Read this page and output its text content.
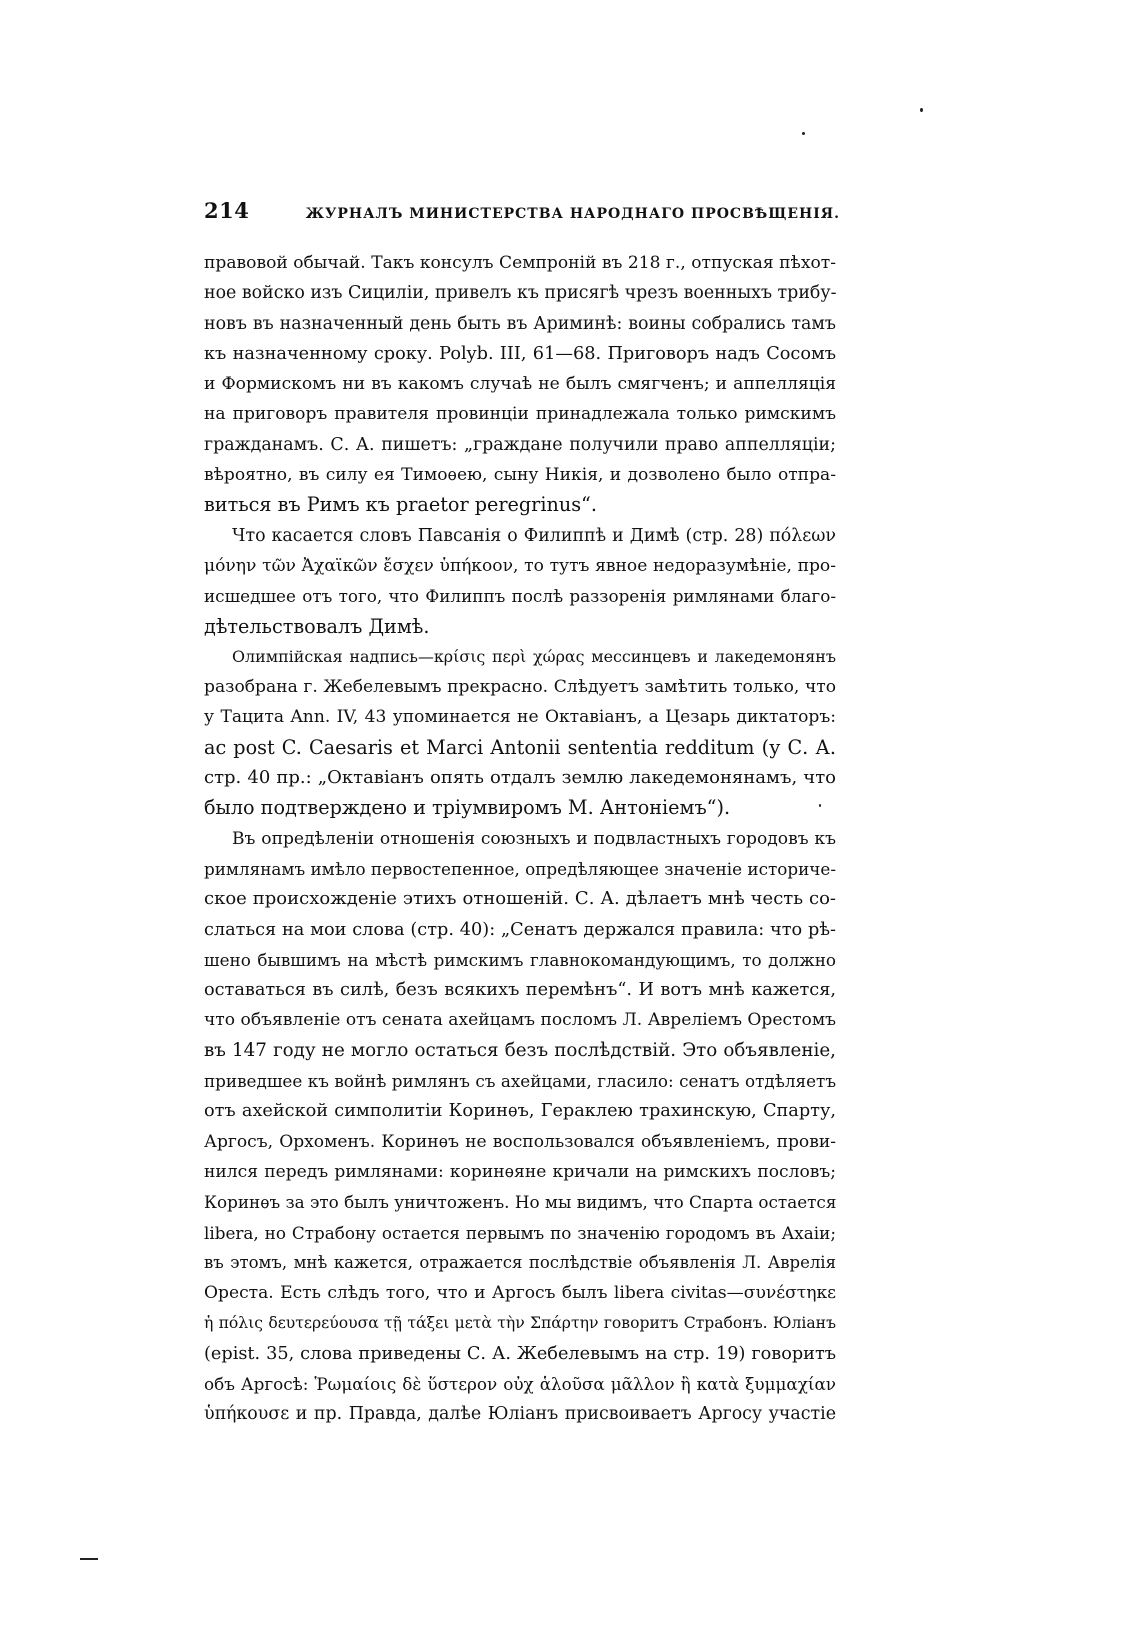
214	ЖУРНАЛЪ МИНИСТЕРСТВА НАРОДНАГО ПРОСВѢЩЕНІЯ.
правовой обычай. Такъ консулъ Семпроній въ 218 г., отпуская пѣхот-
ное войско изъ Сициліи, привелъ къ присягѣ чрезъ военныхъ трибу-
новъ въ назначенный день быть въ Ариминѣ: воины собрались тамъ
къ назначенному сроку. Polyb. III, 61—68. Приговоръ надъ Сосомъ
и Формискомъ ни въ какомъ случаѣ не былъ смягченъ; и аппелляція
на приговоръ правителя провинціи принадлежала только римскимъ
гражданамъ. С. А. пишетъ: „граждане получили право аппелляціи;
вѣроятно, въ силу ея Тимоѳею, сыну Никія, и дозволено было отпра-
виться въ Римъ къ praetor peregrinus“.
Что касается словъ Павсанія о Филиппѣ и Димѣ (стр. 28) πόλεων
μόνην τῶν Ἀχαϊκῶν ἔσχεν ὑπήκοον, то тутъ явное недоразумѣніе, про-
исшедшее отъ того, что Филиппъ послѣ раззоренія римлянами благо-
дѣтельствовалъ Димѣ.
Олимпійская надпись—κρίσις περὶ χώρας мессинцевъ и лакедемонянъ
разобрана г. Жебелевымъ прекрасно. Слѣдуетъ замѣтить только, что
у Тацита Ann. IV, 43 упоминается не Октавіанъ, а Цезарь диктаторъ:
ac post C. Caesaris et Marci Antonii sententia redditum (у С. А.
стр. 40 пр.: „Октавіанъ опять отдалъ землю лакедемонянамъ, что
было подтверждено и тріумвиромъ М. Антоніемъ“).
Въ опредѣленіи отношенія союзныхъ и подвластныхъ городовъ къ
римлянамъ имѣло первостепенное, опредѣляющее значеніе историче-
ское происхожденіе этихъ отношеній. С. А. дѣлаетъ мнѣ честь со-
слаться на мои слова (стр. 40): „Сенатъ держался правила: что рѣ-
шено бывшимъ на мѣстѣ римскимъ главнокомандующимъ, то должно
оставаться въ силѣ, безъ всякихъ перемѣнъ“. И вотъ мнѣ кажется,
что объявленіе отъ сената ахейцамъ посломъ Л. Авреліемъ Орестомъ
въ 147 году не могло остаться безъ послѣдствій. Это объявленіе,
приведшее къ войнѣ римлянъ съ ахейцами, гласило: сенатъ отдѣляетъ
отъ ахейской симполитіи Коринѳъ, Гераклею трахинскую, Спарту,
Аргосъ, Орхоменъ. Коринѳъ не воспользовался объявленіемъ, прови-
нился передъ римлянами: коринѳяне кричали на римскихъ пословъ;
Коринѳъ за это былъ уничтоженъ. Но мы видимъ, что Спарта остается
libera, но Страбону остается первымъ по значенію городомъ въ Ахаіи;
въ этомъ, мнѣ кажется, отражается послѣдствіе объявленія Л. Аврелія
Ореста. Есть слѣдъ того, что и Аргосъ былъ libera civitas—συνέστηκε
ἡ πόλις δευτερεύουσα τῇ τάξει μετὰ τὴν Σπάρτην говоритъ Страбонъ. Юліанъ
(epist. 35, слова приведены С. А. Жебелевымъ на стр. 19) говоритъ
объ Аргосѣ: Ῥωμαίοις δὲ ὕστερον οὐχ ἁλοῦσα μᾶλλον ἢ κατὰ ξυμμαχίαν
ὑπήκουσε и пр. Правда, далѣе Юліанъ присвоиваетъ Аргосу участіе
